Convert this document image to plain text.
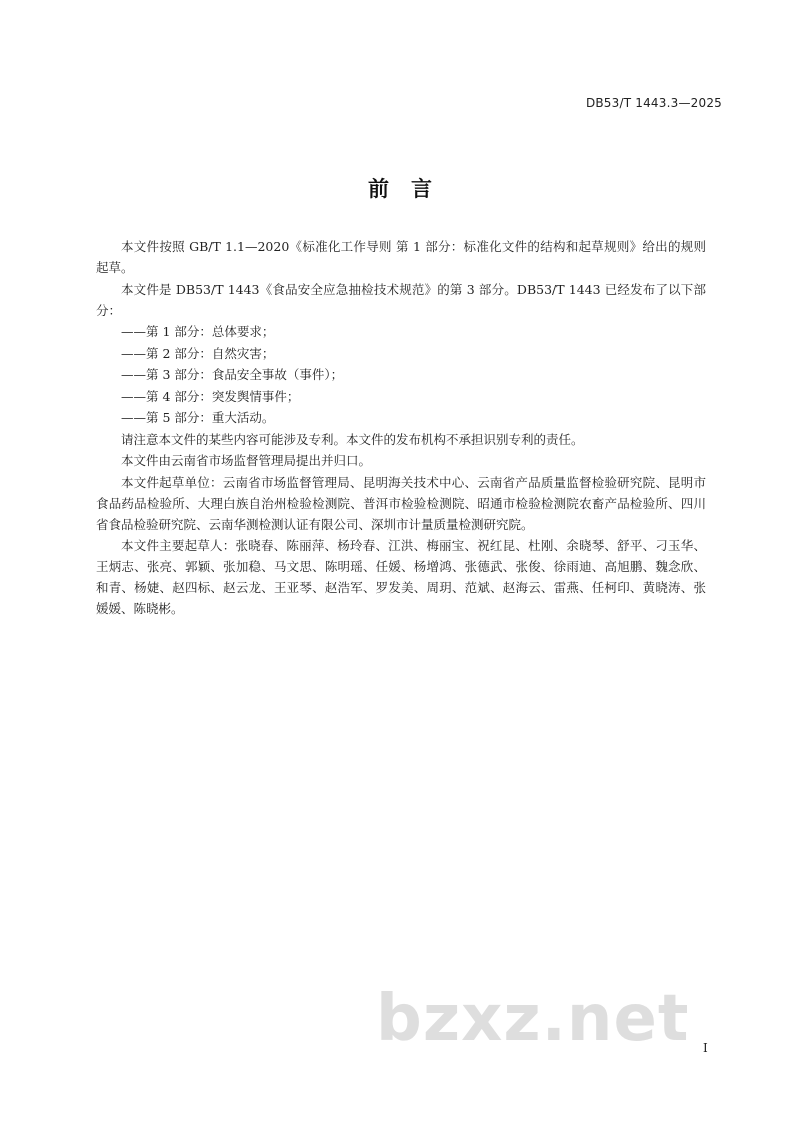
DB53/T 1443.3—2025
前言

本文件按照 GB/T 1.1—2020《标准化工作导则 第 1 部分：标准化文件的结构和起草规则》给出的规则起草。

本文件是 DB53/T 1443《食品安全应急抽检技术规范》的第 3 部分。DB53/T 1443 已经发布了以下部分：

——第 1 部分：总体要求；

——第 2 部分：自然灾害；

——第 3 部分：食品安全事故（事件）；

——第 4 部分：突发舆情事件；

——第 5 部分：重大活动。

请注意本文件的某些内容可能涉及专利。本文件的发布机构不承担识别专利的责任。

本文件由云南省市场监督管理局提出并归口。

本文件起草单位：云南省市场监督管理局、昆明海关技术中心、云南省产品质量监督检验研究院、昆明市食品药品检验所、大理白族自治州检验检测院、普洱市检验检测院、昭通市检验检测院农畜产品检验所、四川省食品检验研究院、云南华测检测认证有限公司、深圳市计量质量检测研究院。

本文件主要起草人：张晓春、陈丽萍、杨玲春、江洪、梅丽宝、祝红昆、杜刚、余晓琴、舒平、刁玉华、王炳志、张亮、郭颖、张加稳、马文思、陈明瑶、任媛、杨增鸿、张德武、张俊、徐雨迪、高旭鹏、魏念欣、和青、杨婕、赵四标、赵云龙、王亚琴、赵浩军、罗发美、周玥、范斌、赵海云、雷燕、任柯印、黄晓涛、张媛媛、陈晓彬。

bzxz.net I
